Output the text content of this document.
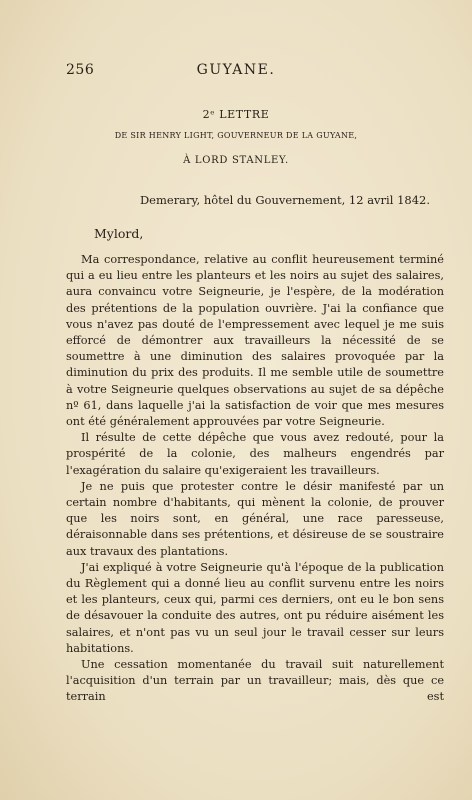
256	GUYANE.
2ᵉ LETTRE
DE SIR HENRY LIGHT, GOUVERNEUR DE LA GUYANE,
À LORD STANLEY.
Demerary, hôtel du Gouvernement, 12 avril 1842.
Mylord,

Ma correspondance, relative au conflit heureusement terminé qui a eu lieu entre les planteurs et les noirs au sujet des salaires, aura convaincu votre Seigneurie, je l'espère, de la modération des prétentions de la population ouvrière. J'ai la confiance que vous n'avez pas douté de l'empressement avec lequel je me suis efforcé de démontrer aux travailleurs la nécessité de se soumettre à une diminution des salaires provoquée par la diminution du prix des produits. Il me semble utile de soumettre à votre Seigneurie quelques observations au sujet de sa dépêche nº 61, dans laquelle j'ai la satisfaction de voir que mes mesures ont été généralement approuvées par votre Seigneurie.

Il résulte de cette dépêche que vous avez redouté, pour la prospérité de la colonie, des malheurs engendrés par l'exagération du salaire qu'exigeraient les travailleurs.

Je ne puis que protester contre le désir manifesté par un certain nombre d'habitants, qui mènent la colonie, de prouver que les noirs sont, en général, une race paresseuse, déraisonnable dans ses prétentions, et désireuse de se soustraire aux travaux des plantations.

J'ai expliqué à votre Seigneurie qu'à l'époque de la publication du Règlement qui a donné lieu au conflit survenu entre les noirs et les planteurs, ceux qui, parmi ces derniers, ont eu le bon sens de désavouer la conduite des autres, ont pu réduire aisément les salaires, et n'ont pas vu un seul jour le travail cesser sur leurs habitations.

Une cessation momentanée du travail suit naturellement l'acquisition d'un terrain par un travailleur; mais, dès que ce terrain est
